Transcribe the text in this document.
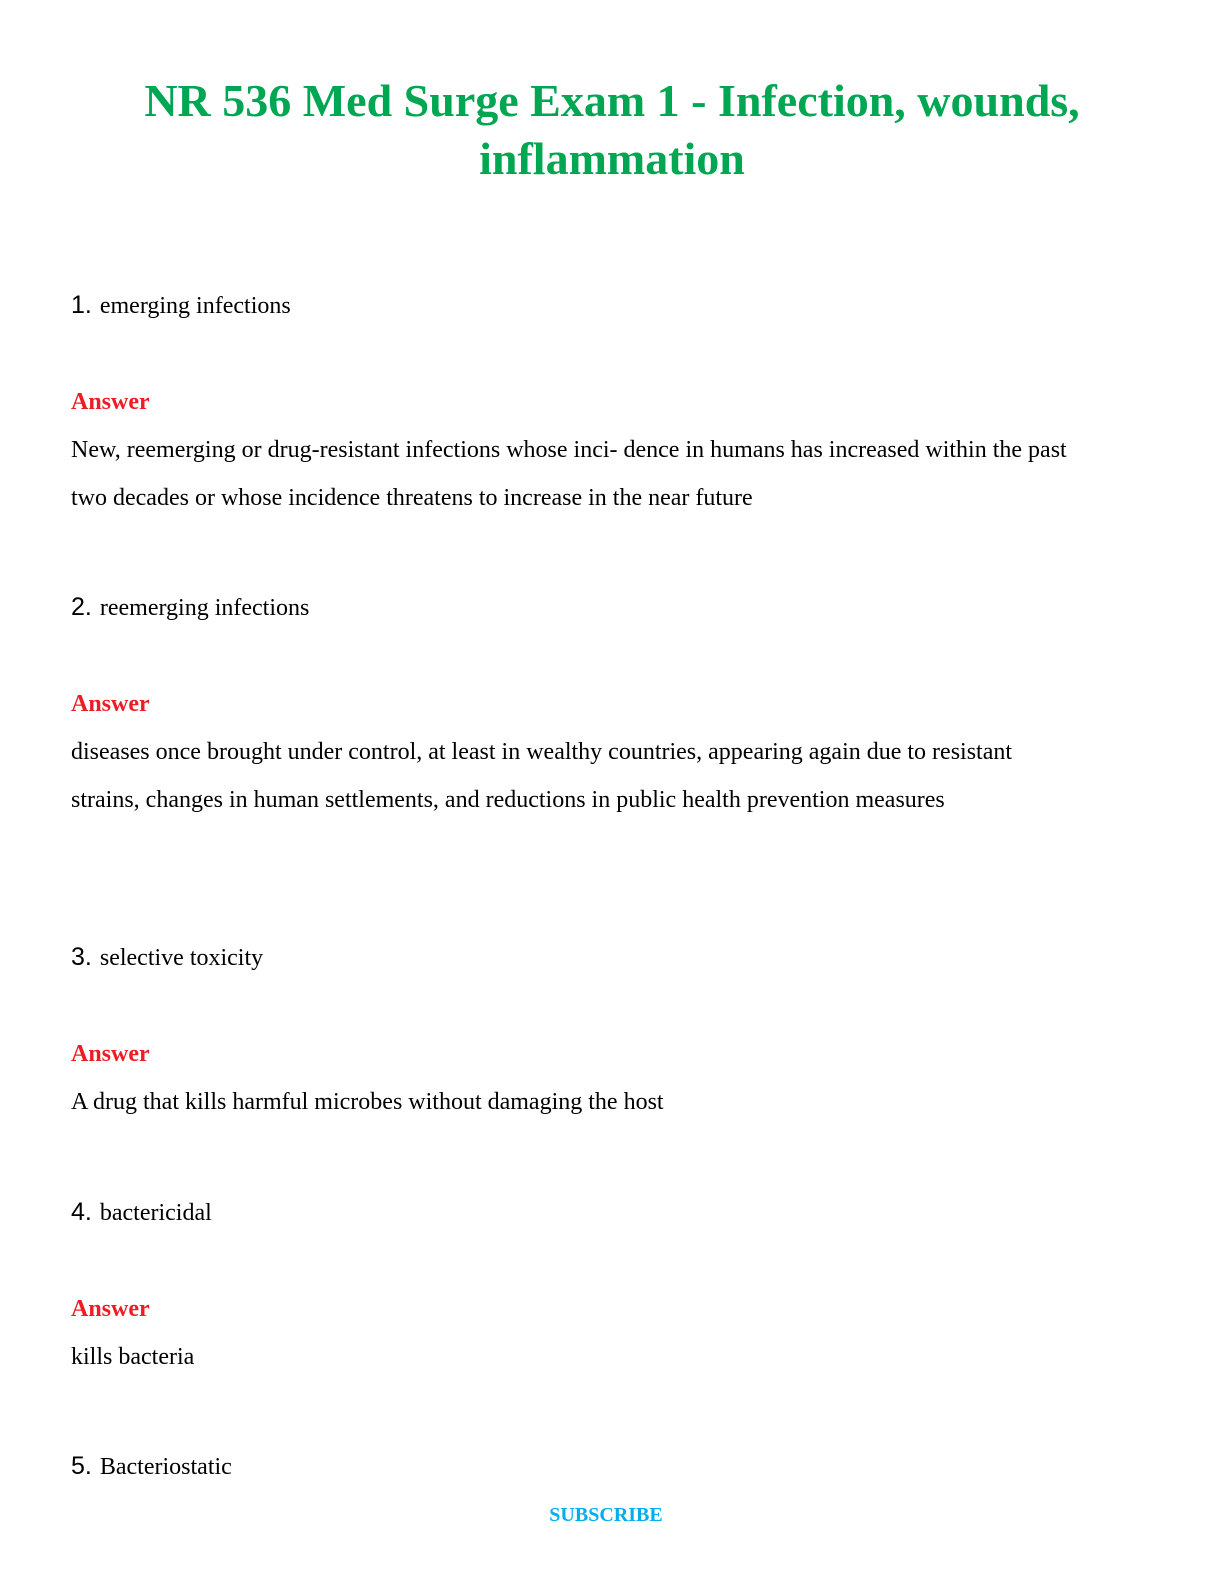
NR 536 Med Surge Exam 1 - Infection, wounds, inflammation
1. emerging infections
Answer

New, reemerging or drug-resistant infections whose inci- dence in humans has increased within the past two decades or whose incidence threatens to increase in the near future

2. reemerging infections
Answer

diseases once brought under control, at least in wealthy countries, appearing again due to resistant strains, changes in human settlements, and reductions in public health prevention measures

3. selective toxicity
Answer

A drug that kills harmful microbes without damaging the host

4. bactericidal
Answer

kills bacteria

5. Bacteriostatic
SUBSCRIBE
